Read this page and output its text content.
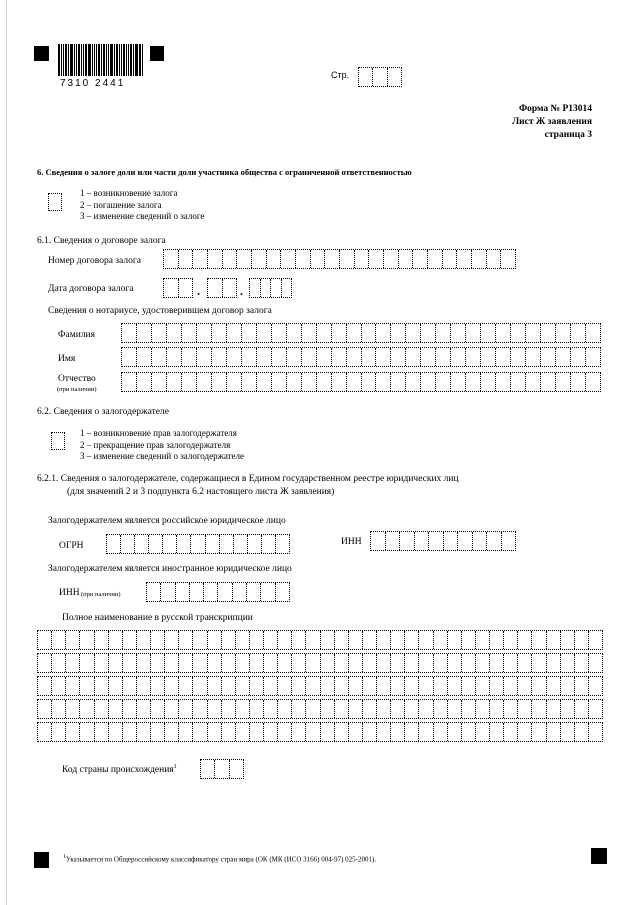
7310 2441
Стр.
Форма № Р13014
Лист Ж заявления
страница 3
6. Сведения о залоге доли или части доли участника общества с ограниченной ответственностью
1 – возникновение залога
2 – погашение залога
3 – изменение сведений о залоге
6.1. Сведения о договоре залога
Номер договора залога
Дата договора залога	.	.
Сведения о нотариусе, удостоверившем договор залога
Фамилия
Имя
Отчество
(при наличии)
6.2. Сведения о залогодержателе
1 – возникновение прав залогодержателя
2 – прекращение прав залогодержателя
3 – изменение сведений о залогодержателе
6.2.1. Сведения о залогодержателе, содержащиеся в Едином государственном реестре юридических лиц
(для значений 2 и 3 подпункта 6.2 настоящего листа Ж заявления)
Залогодержателем является российское юридическое лицо
ОГРН	ИНН
Залогодержателем является иностранное юридическое лицо
ИНН (при наличии)
Полное наименование в русской транскрипции
Код страны происхождения$^1$
$^1$Указывается по Общероссийскому классификатору стран мира (ОК (МК (ИСО 3166) 004-97) 025-2001).
